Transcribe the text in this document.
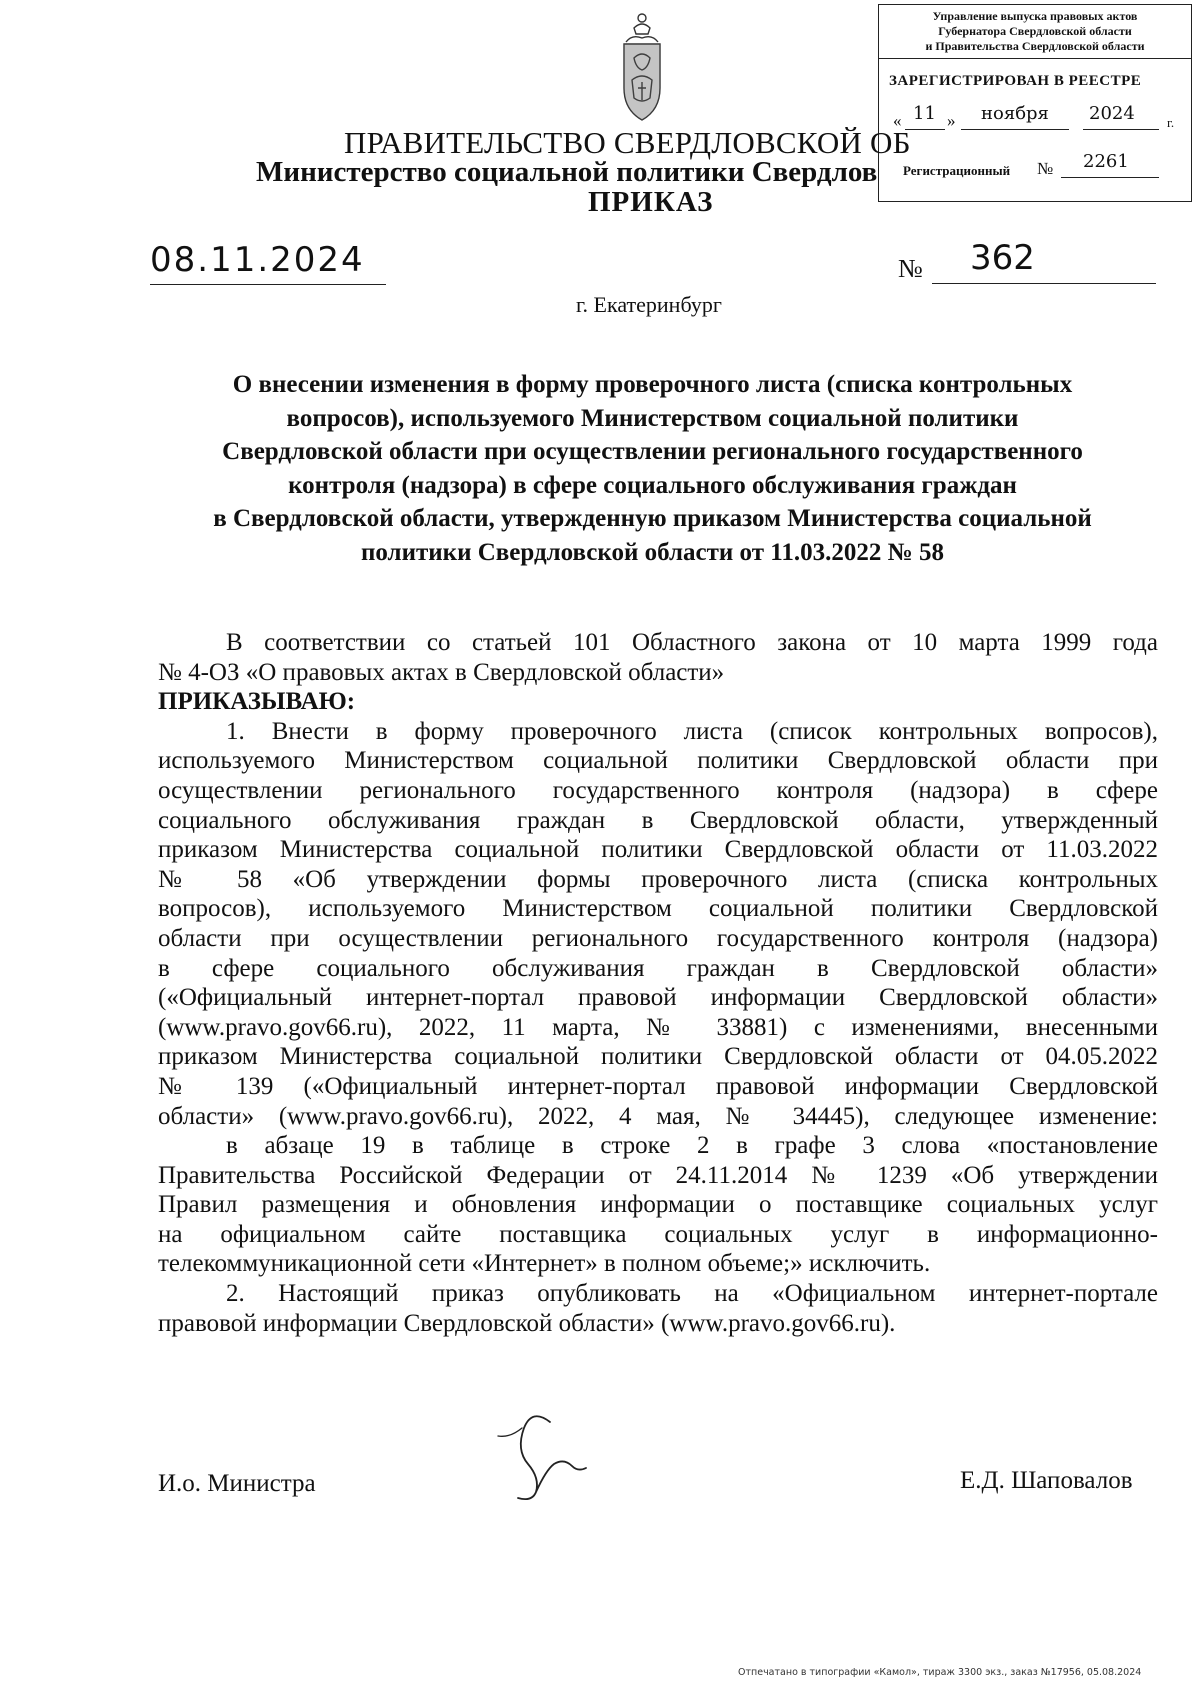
Управление выпуска правовых актов
Губернатора Свердловской области
и Правительства Свердловской области
ЗАРЕГИСТРИРОВАН В РЕЕСТРЕ
« 11 » ноября 2024 г.
Регистрационный № 2261
ПРАВИТЕЛЬСТВО СВЕРДЛОВСКОЙ ОБ
Министерство социальной политики Свердлов
ПРИКАЗ
08.11.2024	№	362
г. Екатеринбург
О внесении изменения в форму проверочного листа (списка контрольных
вопросов), используемого Министерством социальной политики
Свердловской области при осуществлении регионального государственного
контроля (надзора) в сфере социального обслуживания граждан
в Свердловской области, утвержденную приказом Министерства социальной
политики Свердловской области от 11.03.2022 № 58
В соответствии со статьей 101 Областного закона от 10 марта 1999 года
№ 4-ОЗ «О правовых актах в Свердловской области»
ПРИКАЗЫВАЮ:
1. Внести в форму проверочного листа (список контрольных вопросов),
используемого Министерством социальной политики Свердловской области при
осуществлении регионального государственного контроля (надзора) в сфере
социального обслуживания граждан в Свердловской области, утвержденный
приказом Министерства социальной политики Свердловской области от 11.03.2022
№ 58 «Об утверждении формы проверочного листа (списка контрольных
вопросов), используемого Министерством социальной политики Свердловской
области при осуществлении регионального государственного контроля (надзора)
в сфере социального обслуживания граждан в Свердловской области»
(«Официальный интернет-портал правовой информации Свердловской области»
(www.pravo.gov66.ru), 2022, 11 марта, № 33881) с изменениями, внесенными
приказом Министерства социальной политики Свердловской области от 04.05.2022
№ 139 («Официальный интернет-портал правовой информации Свердловской
области» (www.pravo.gov66.ru), 2022, 4 мая, № 34445), следующее изменение:
в абзаце 19 в таблице в строке 2 в графе 3 слова «постановление
Правительства Российской Федерации от 24.11.2014 № 1239 «Об утверждении
Правил размещения и обновления информации о поставщике социальных услуг
на официальном сайте поставщика социальных услуг в информационно-
телекоммуникационной сети «Интернет» в полном объеме;» исключить.
2. Настоящий приказ опубликовать на «Официальном интернет-портале
правовой информации Свердловской области» (www.pravo.gov66.ru).
И.о. Министра	Е.Д. Шаповалов
Отпечатано в типографии «Камол», тираж 3300 экз., заказ №17956, 05.08.2024
